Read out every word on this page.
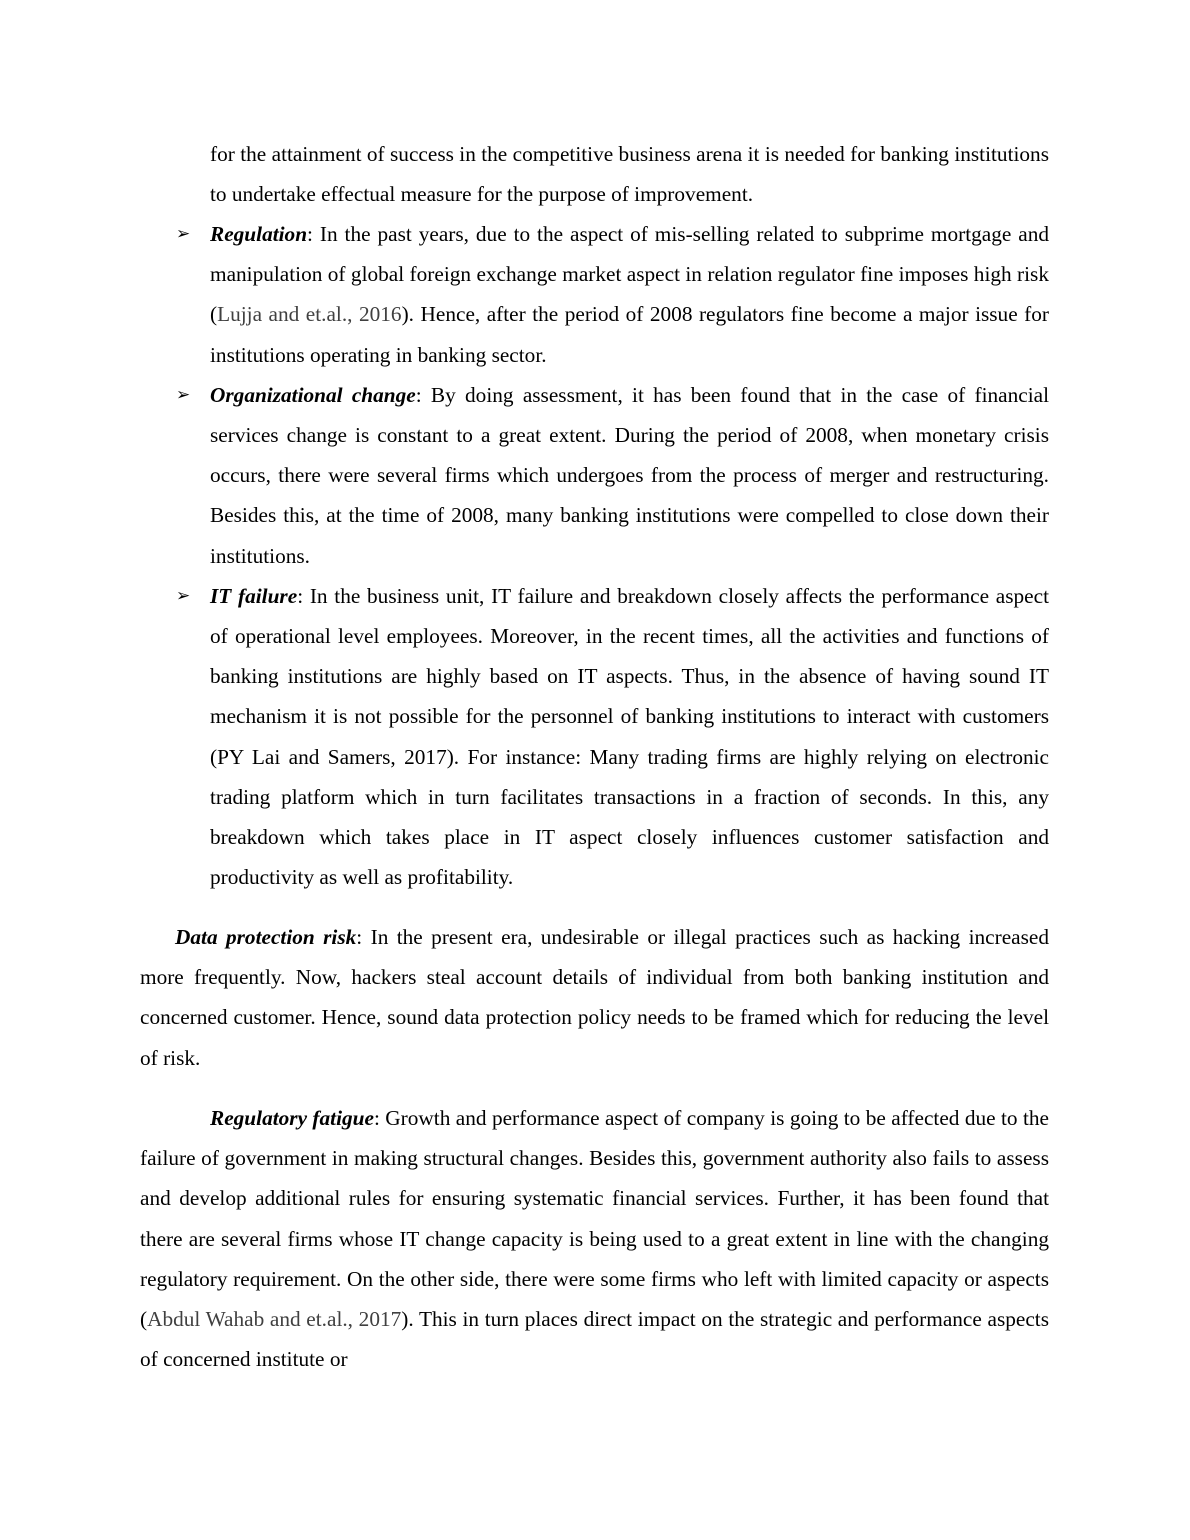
for the attainment of success in the competitive business arena it is needed for banking institutions to undertake effectual measure for the purpose of improvement.

➢ Regulation: In the past years, due to the aspect of mis-selling related to subprime mortgage and manipulation of global foreign exchange market aspect in relation regulator fine imposes high risk (Lujja and et.al., 2016). Hence, after the period of 2008 regulators fine become a major issue for institutions operating in banking sector.

➢ Organizational change: By doing assessment, it has been found that in the case of financial services change is constant to a great extent. During the period of 2008, when monetary crisis occurs, there were several firms which undergoes from the process of merger and restructuring. Besides this, at the time of 2008, many banking institutions were compelled to close down their institutions.

➢ IT failure: In the business unit, IT failure and breakdown closely affects the performance aspect of operational level employees. Moreover, in the recent times, all the activities and functions of banking institutions are highly based on IT aspects. Thus, in the absence of having sound IT mechanism it is not possible for the personnel of banking institutions to interact with customers (PY Lai and Samers, 2017). For instance: Many trading firms are highly relying on electronic trading platform which in turn facilitates transactions in a fraction of seconds. In this, any breakdown which takes place in IT aspect closely influences customer satisfaction and productivity as well as profitability.

Data protection risk: In the present era, undesirable or illegal practices such as hacking increased more frequently. Now, hackers steal account details of individual from both banking institution and concerned customer. Hence, sound data protection policy needs to be framed which for reducing the level of risk.

Regulatory fatigue: Growth and performance aspect of company is going to be affected due to the failure of government in making structural changes. Besides this, government authority also fails to assess and develop additional rules for ensuring systematic financial services. Further, it has been found that there are several firms whose IT change capacity is being used to a great extent in line with the changing regulatory requirement. On the other side, there were some firms who left with limited capacity or aspects (Abdul Wahab and et.al., 2017). This in turn places direct impact on the strategic and performance aspects of concerned institute or
